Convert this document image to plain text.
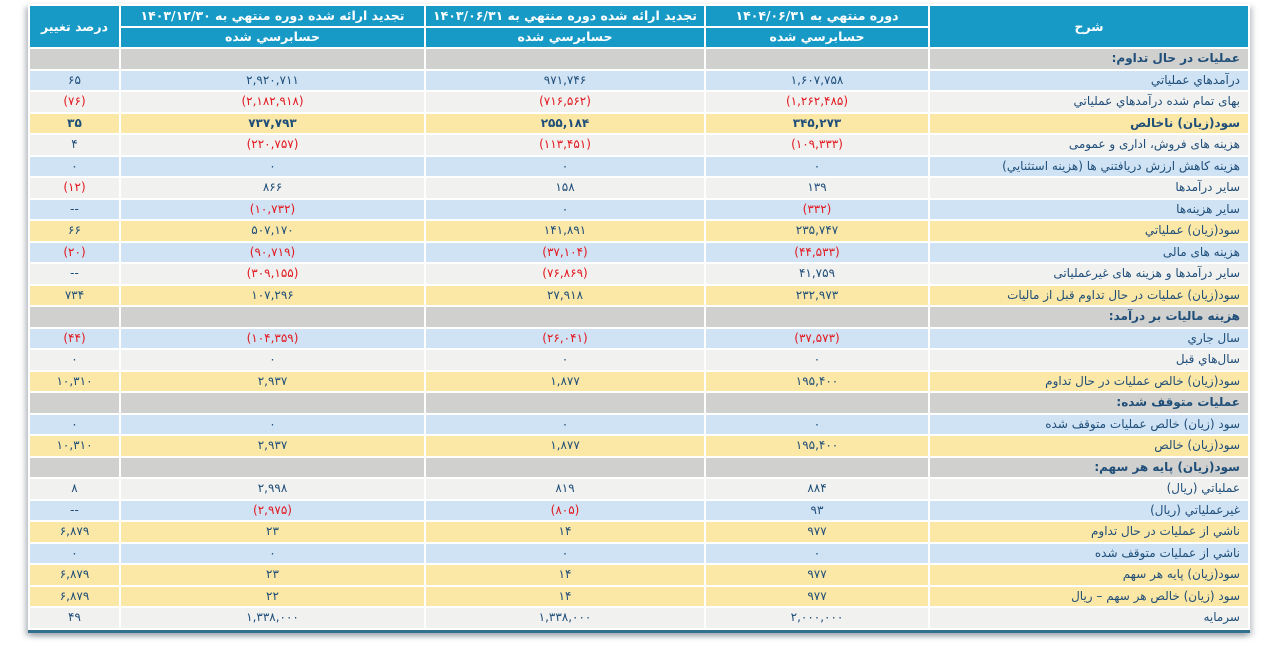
شرح	دوره منتهي به ۱۴۰۴/۰۶/۳۱	تجديد ارائه شده دوره منتهي به ۱۴۰۳/۰۶/۳۱	تجديد ارائه شده دوره منتهي به ۱۴۰۳/۱۲/۳۰	درصد تغيير
	حسابرسي شده	حسابرسي شده	حسابرسي شده	
عمليات در حال تداوم:				
درآمدهاي عملياتي	۱,۶۰۷,۷۵۸	۹۷۱,۷۴۶	۲,۹۲۰,۷۱۱	۶۵
بهای تمام شده درآمدهاي عملياتي	(۱,۲۶۲,۴۸۵)	(۷۱۶,۵۶۲)	(۲,۱۸۲,۹۱۸)	(۷۶)
سود(زيان) ناخالص	۳۴۵,۲۷۳	۲۵۵,۱۸۴	۷۳۷,۷۹۳	۳۵
هزينه های فروش، اداری و عمومی	(۱۰۹,۳۳۳)	(۱۱۳,۴۵۱)	(۲۲۰,۷۵۷)	۴
هزينه كاهش ارزش دريافتني ها (هزينه استثنايي)	۰	۰	۰	۰
ساير درآمدها	۱۳۹	۱۵۸	۸۶۶	(۱۲)
ساير هزينه‌ها	(۳۳۲)	۰	(۱۰,۷۳۲)	--
سود(زيان) عملياتي	۲۳۵,۷۴۷	۱۴۱,۸۹۱	۵۰۷,۱۷۰	۶۶
هزينه های مالی	(۴۴,۵۳۳)	(۳۷,۱۰۴)	(۹۰,۷۱۹)	(۲۰)
ساير درآمدها و هزينه های غيرعملياتی	۴۱,۷۵۹	(۷۶,۸۶۹)	(۳۰۹,۱۵۵)	--
سود(زيان) عمليات در حال تداوم قبل از ماليات	۲۳۲,۹۷۳	۲۷,۹۱۸	۱۰۷,۲۹۶	۷۳۴
هزينه ماليات بر درآمد:				
سال جاري	(۳۷,۵۷۳)	(۲۶,۰۴۱)	(۱۰۴,۳۵۹)	(۴۴)
سال‌هاي قبل	۰	۰	۰	۰
سود(زيان) خالص عمليات در حال تداوم	۱۹۵,۴۰۰	۱,۸۷۷	۲,۹۳۷	۱۰,۳۱۰
عمليات متوقف شده:				
سود (زيان) خالص عمليات متوقف شده	۰	۰	۰	۰
سود(زيان) خالص	۱۹۵,۴۰۰	۱,۸۷۷	۲,۹۳۷	۱۰,۳۱۰
سود(زيان) پايه هر سهم:				
عملياتي (ريال)	۸۸۴	۸۱۹	۲,۹۹۸	۸
غيرعملياتي (ريال)	۹۳	(۸۰۵)	(۲,۹۷۵)	--
ناشي از عمليات در حال تداوم	۹۷۷	۱۴	۲۳	۶,۸۷۹
ناشي از عمليات متوقف شده	۰	۰	۰	۰
سود(زيان) پايه هر سهم	۹۷۷	۱۴	۲۳	۶,۸۷۹
سود (زيان) خالص هر سهم – ريال	۹۷۷	۱۴	۲۲	۶,۸۷۹
سرمايه	۲,۰۰۰,۰۰۰	۱,۳۳۸,۰۰۰	۱,۳۳۸,۰۰۰	۴۹
